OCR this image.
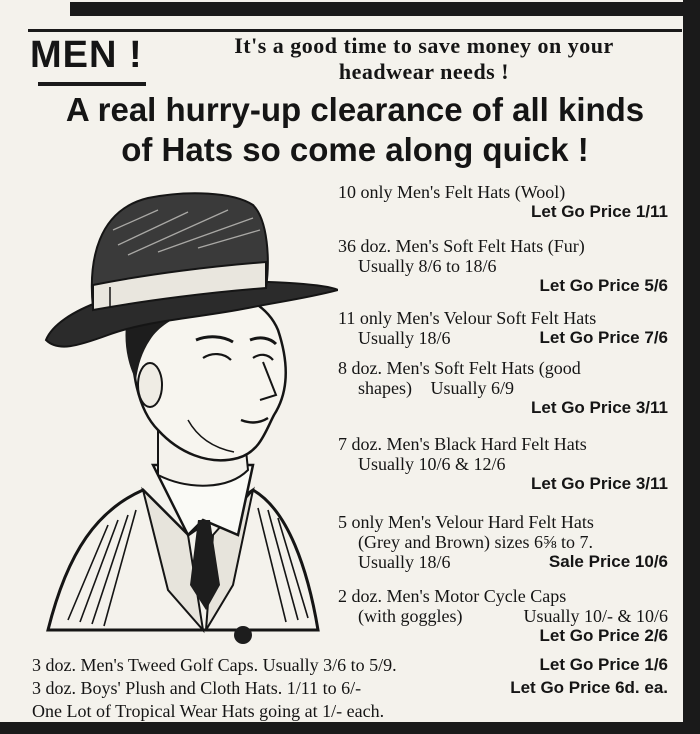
MEN !	It's a good time to save money on your
headwear needs !
A real hurry-up clearance of all kinds
of Hats so come along quick !
10 only Men's Felt Hats (Wool)
Let Go Price 1/11
36 doz. Men's Soft Felt Hats (Fur)
Usually 8/6 to 18/6
Let Go Price 5/6
11 only Men's Velour Soft Felt Hats
Usually 18/6	Let Go Price 7/6
8 doz. Men's Soft Felt Hats (good
shapes) Usually 6/9
Let Go Price 3/11
7 doz. Men's Black Hard Felt Hats
Usually 10/6 & 12/6
Let Go Price 3/11
5 only Men's Velour Hard Felt Hats
(Grey and Brown) sizes 6⅝ to 7.
Usually 18/6	Sale Price 10/6
2 doz. Men's Motor Cycle Caps
(with goggles)	Usually 10/- & 10/6
Let Go Price 2/6
3 doz. Men's Tweed Golf Caps. Usually 3/6 to 5/9.	Let Go Price 1/6
3 doz. Boys' Plush and Cloth Hats. 1/11 to 6/-	Let Go Price 6d. ea.
One Lot of Tropical Wear Hats going at 1/- each.
